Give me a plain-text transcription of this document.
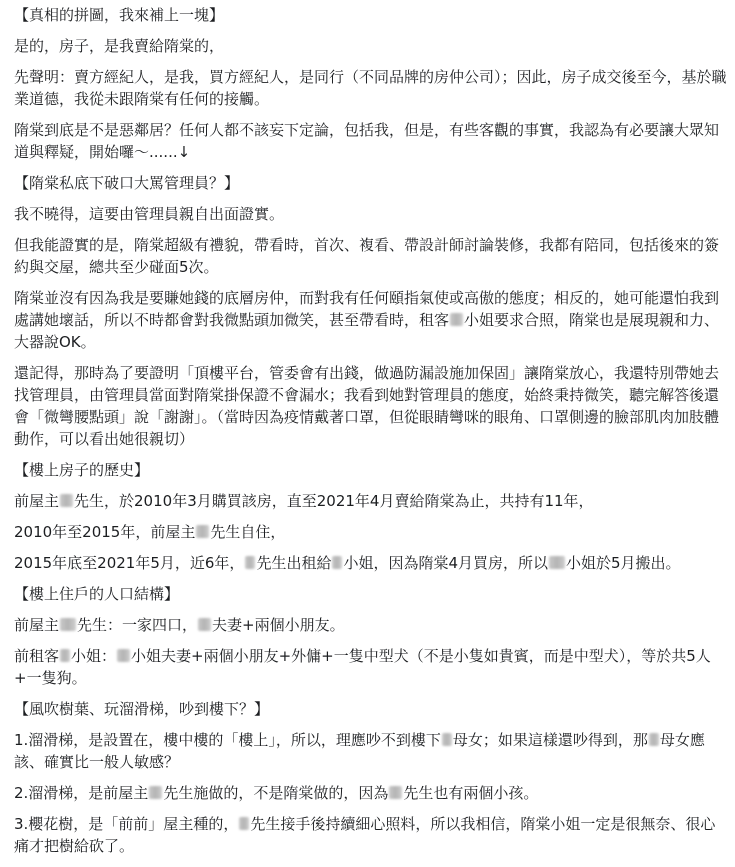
【真相的拼圖，我來補上一塊】

是的，房子，是我賣給隋棠的，

先聲明：賣方經紀人，是我，買方經紀人，是同行（不同品牌的房仲公司）；因此，房子成交後至今，基於職業道德，我從未跟隋棠有任何的接觸。

隋棠到底是不是惡鄰居？任何人都不該妄下定論，包括我，但是，有些客觀的事實，我認為有必要讓大眾知道與釋疑，開始囉～......↓

【隋棠私底下破口大罵管理員？】

我不曉得，這要由管理員親自出面證實。

但我能證實的是，隋棠超級有禮貌，帶看時，首次、複看、帶設計師討論裝修，我都有陪同，包括後來的簽約與交屋，總共至少碰面5次。

隋棠並沒有因為我是要賺她錢的底層房仲，而對我有任何頤指氣使或高傲的態度；相反的，她可能還怕我到處講她壞話，所以不時都會對我微點頭加微笑，甚至帶看時，租客 小姐要求合照，隋棠也是展現親和力、大器說OK。

還記得，那時為了要證明「頂樓平台，管委會有出錢，做過防漏設施加保固」讓隋棠放心，我還特別帶她去找管理員，由管理員當面對隋棠掛保證不會漏水；我看到她對管理員的態度，始終秉持微笑，聽完解答後還會「微彎腰點頭」說「謝謝」。（當時因為疫情戴著口罩，但從眼睛彎咪的眼角、口罩側邊的臉部肌肉加肢體動作，可以看出她很親切）

【樓上房子的歷史】

前屋主 先生，於2010年3月購買該房，直至2021年4月賣給隋棠為止，共持有11年，

2010年至2015年，前屋主 先生自住，

2015年底至2021年5月，近6年， 先生出租給 小姐，因為隋棠4月買房，所以 小姐於5月搬出。

【樓上住戶的人口結構】

前屋主 先生：一家四口， 夫妻+兩個小朋友。

前租客 小姐： 小姐夫妻+兩個小朋友+外傭+一隻中型犬（不是小隻如貴賓，而是中型犬），等於共5人+一隻狗。

【風吹樹葉、玩溜滑梯，吵到樓下？】

1.溜滑梯，是設置在，樓中樓的「樓上」，所以，理應吵不到樓下 母女；如果這樣還吵得到，那 母女應該、確實比一般人敏感？

2.溜滑梯，是前屋主 先生施做的，不是隋棠做的，因為 先生也有兩個小孩。

3.櫻花樹，是「前前」屋主種的， 先生接手後持續細心照料，所以我相信，隋棠小姐一定是很無奈、很心痛才把樹給砍了。
